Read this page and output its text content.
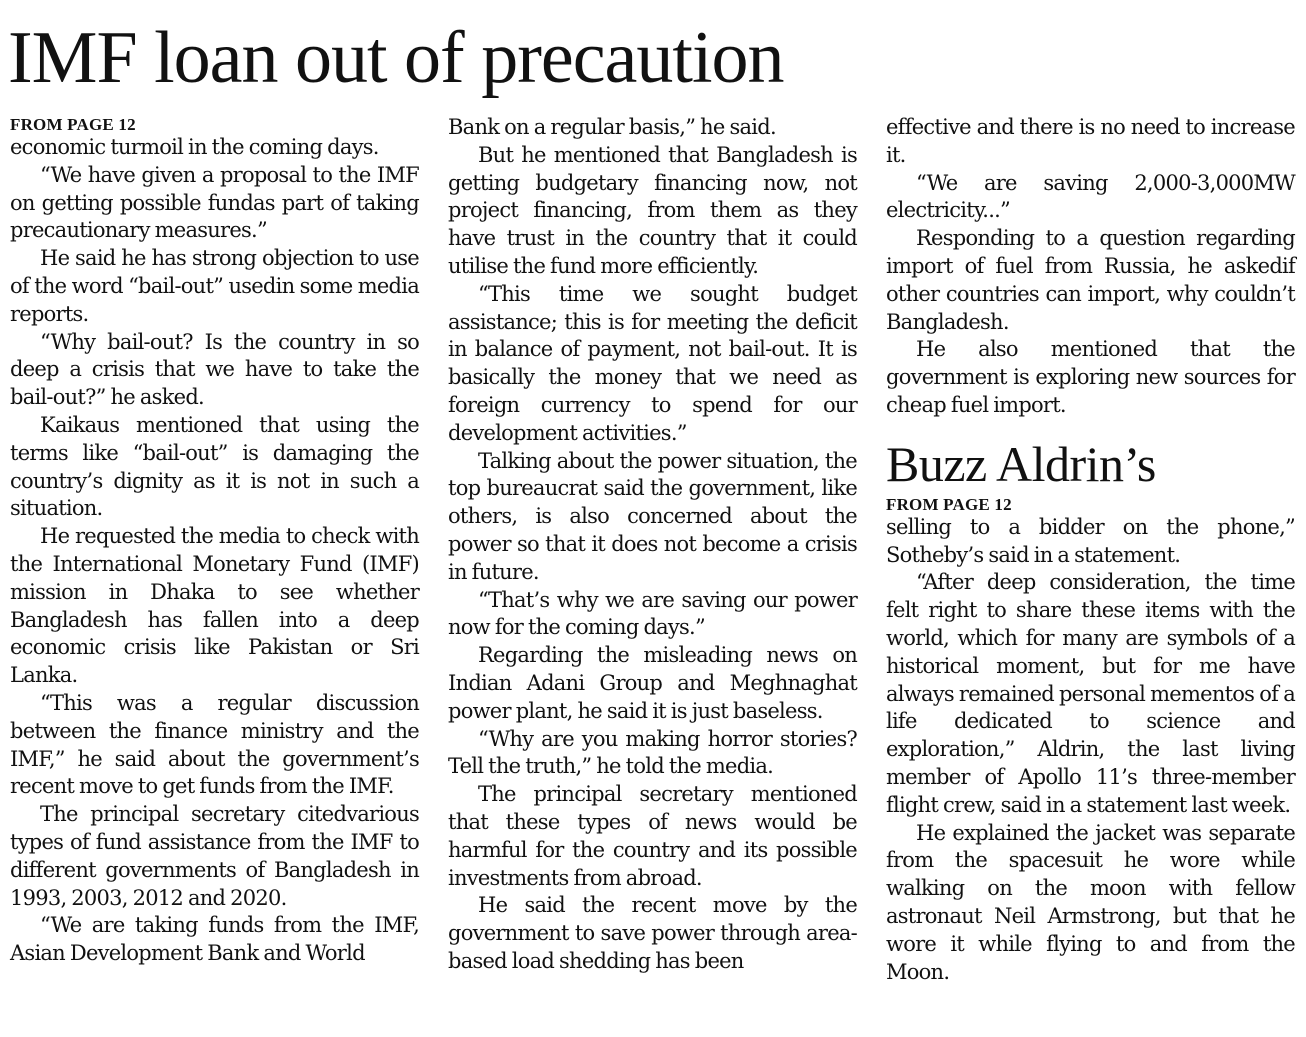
IMF loan out of precaution
FROM PAGE 12

economic turmoil in the coming days.

“We have given a proposal to the IMF on getting possible fundas part of taking precautionary measures.”

He said he has strong objection to use of the word “bail-out” usedin some media reports.

“Why bail-out? Is the country in so deep a crisis that we have to take the bail-out?” he asked.

Kaikaus mentioned that using the terms like “bail-out” is damaging the country’s dignity as it is not in such a situation.

He requested the media to check with the International Monetary Fund (IMF) mission in Dhaka to see whether Bangladesh has fallen into a deep economic crisis like Pakistan or Sri Lanka.

“This was a regular discussion between the finance ministry and the IMF,” he said about the government’s recent move to get funds from the IMF.

The principal secretary citedvarious types of fund assistance from the IMF to different governments of Bangladesh in 1993, 2003, 2012 and 2020.

“We are taking funds from the IMF, Asian Development Bank and World

Bank on a regular basis,” he said.

But he mentioned that Bangladesh is getting budgetary financing now, not project financing, from them as they have trust in the country that it could utilise the fund more efficiently.

“This time we sought budget assistance; this is for meeting the deficit in balance of payment, not bail-out. It is basically the money that we need as foreign currency to spend for our development activities.”

Talking about the power situation, the top bureaucrat said the government, like others, is also concerned about the power so that it does not become a crisis in future.

“That’s why we are saving our power now for the coming days.”

Regarding the misleading news on Indian Adani Group and Meghnaghat power plant, he said it is just baseless.

“Why are you making horror stories? Tell the truth,” he told the media.

The principal secretary mentioned that these types of news would be harmful for the country and its possible investments from abroad.

He said the recent move by the government to save power through area-based load shedding has been

effective and there is no need to increase it.

“We are saving 2,000-3,000MW electricity...”

Responding to a question regarding import of fuel from Russia, he askedif other countries can import, why couldn’t Bangladesh.

He also mentioned that the government is exploring new sources for cheap fuel import.

Buzz Aldrin’s
FROM PAGE 12

selling to a bidder on the phone,” Sotheby’s said in a statement.

“After deep consideration, the time felt right to share these items with the world, which for many are symbols of a historical moment, but for me have always remained personal mementos of a life dedicated to science and exploration,” Aldrin, the last living member of Apollo 11’s three-member flight crew, said in a statement last week.

He explained the jacket was separate from the spacesuit he wore while walking on the moon with fellow astronaut Neil Armstrong, but that he wore it while flying to and from the Moon.
